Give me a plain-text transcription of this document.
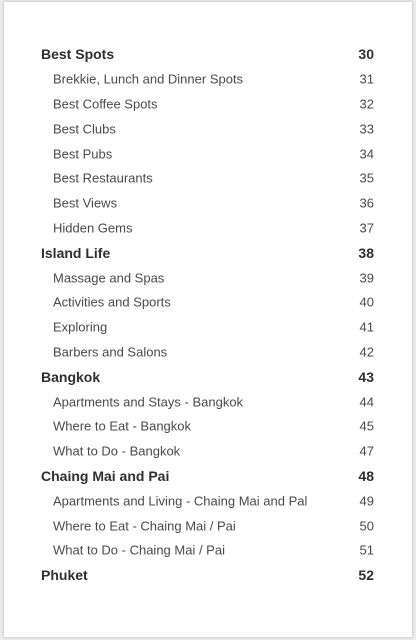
Best Spots	30
Brekkie, Lunch and Dinner Spots	31
Best Coffee Spots	32
Best Clubs	33
Best Pubs	34
Best Restaurants	35
Best Views	36
Hidden Gems	37
Island Life	38
Massage and Spas	39
Activities and Sports	40
Exploring	41
Barbers and Salons	42
Bangkok	43
Apartments and Stays - Bangkok	44
Where to Eat - Bangkok	45
What to Do - Bangkok	47
Chaing Mai and Pai	48
Apartments and Living - Chaing Mai and Pal	49
Where to Eat - Chaing Mai / Pai	50
What to Do - Chaing Mai / Pai	51
Phuket	52
